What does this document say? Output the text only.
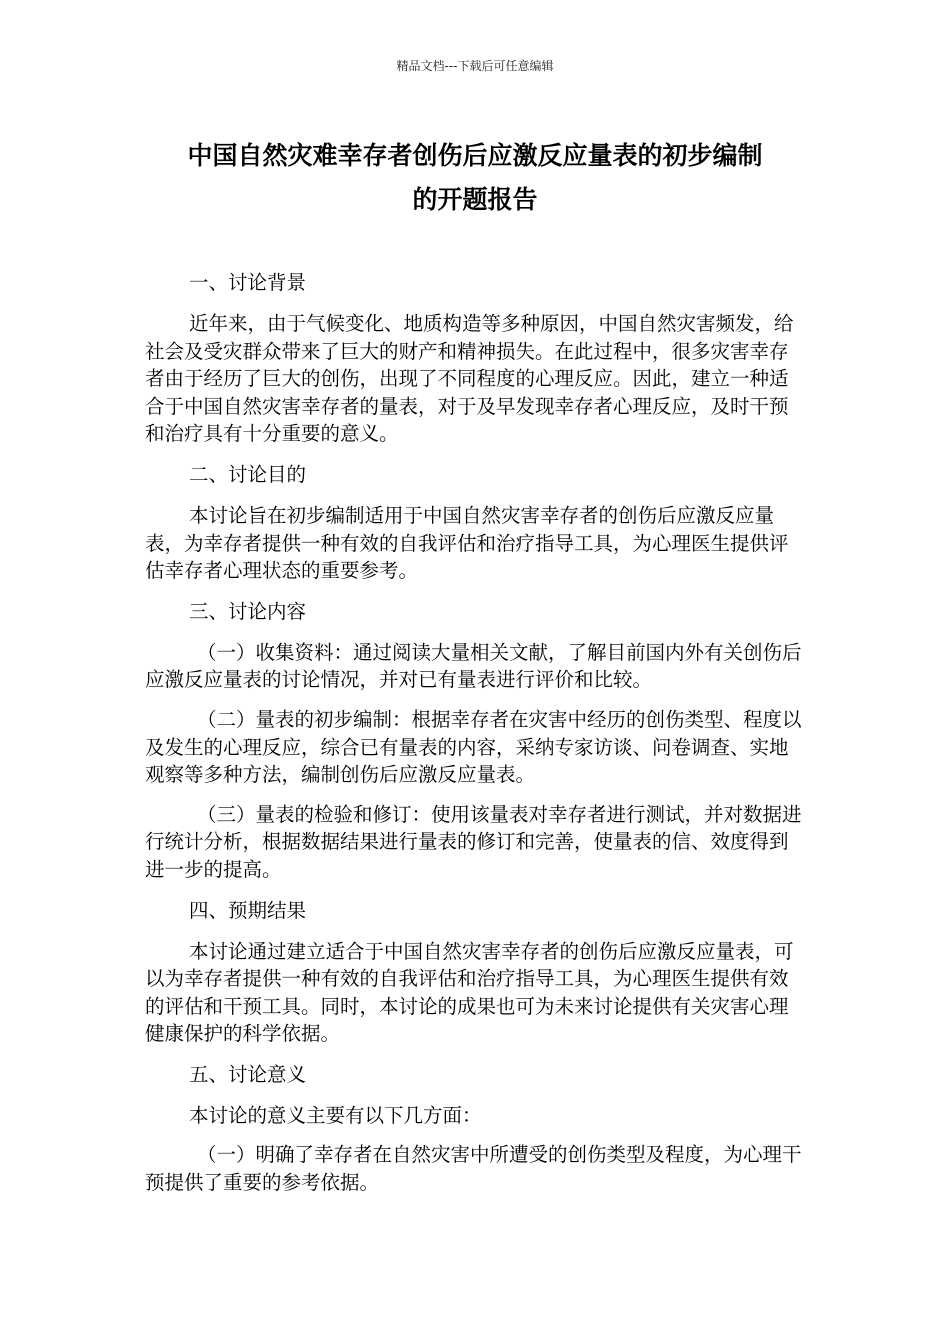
精品文档---下载后可任意编辑
中国自然灾难幸存者创伤后应激反应量表的初步编制
的开题报告

一、讨论背景

近年来，由于气候变化、地质构造等多种原因，中国自然灾害频发，给社会及受灾群众带来了巨大的财产和精神损失。在此过程中，很多灾害幸存者由于经历了巨大的创伤，出现了不同程度的心理反应。因此，建立一种适合于中国自然灾害幸存者的量表，对于及早发现幸存者心理反应，及时干预和治疗具有十分重要的意义。

二、讨论目的

本讨论旨在初步编制适用于中国自然灾害幸存者的创伤后应激反应量表，为幸存者提供一种有效的自我评估和治疗指导工具，为心理医生提供评估幸存者心理状态的重要参考。

三、讨论内容

（一）收集资料：通过阅读大量相关文献，了解目前国内外有关创伤后应激反应量表的讨论情况，并对已有量表进行评价和比较。

（二）量表的初步编制：根据幸存者在灾害中经历的创伤类型、程度以及发生的心理反应，综合已有量表的内容，采纳专家访谈、问卷调查、实地观察等多种方法，编制创伤后应激反应量表。

（三）量表的检验和修订：使用该量表对幸存者进行测试，并对数据进行统计分析，根据数据结果进行量表的修订和完善，使量表的信、效度得到进一步的提高。

四、预期结果

本讨论通过建立适合于中国自然灾害幸存者的创伤后应激反应量表，可以为幸存者提供一种有效的自我评估和治疗指导工具，为心理医生提供有效的评估和干预工具。同时，本讨论的成果也可为未来讨论提供有关灾害心理健康保护的科学依据。

五、讨论意义

本讨论的意义主要有以下几方面：

（一）明确了幸存者在自然灾害中所遭受的创伤类型及程度，为心理干预提供了重要的参考依据。
